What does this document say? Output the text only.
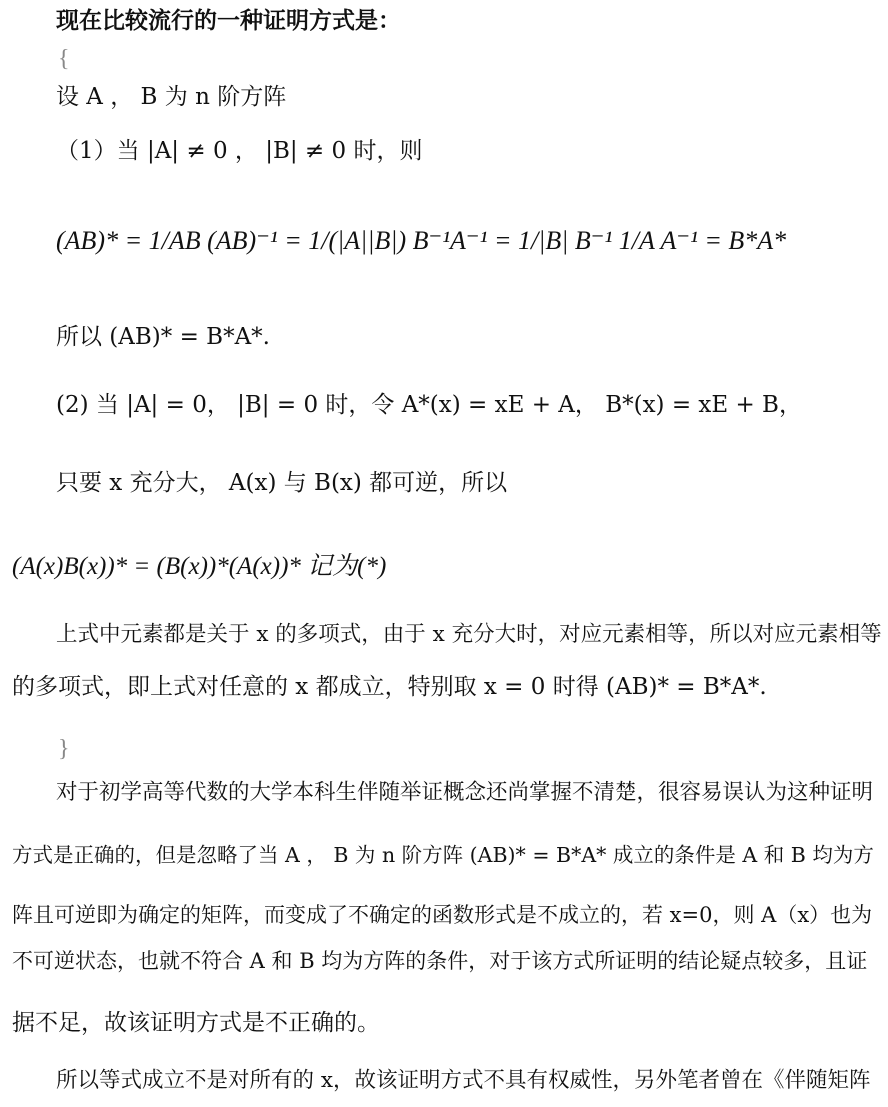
现在比较流行的一种证明方式是：
{
设 A ， B 为 n 阶方阵
（1）当 |A| ≠ 0 ， |B| ≠ 0 时，则
(AB)* = 1/AB (AB)⁻¹ = 1/(|A||B|) B⁻¹A⁻¹ = 1/|B| B⁻¹ 1/A A⁻¹ = B*A*
所以 (AB)* = B*A*.
(2) 当 |A| = 0， |B| = 0 时，令 A*(x) = xE + A， B*(x) = xE + B，
只要 x 充分大， A(x) 与 B(x) 都可逆，所以
(A(x)B(x))* = (B(x))*(A(x))* 记为(*)
上式中元素都是关于 x 的多项式，由于 x 充分大时，对应元素相等，所以对应元素相等
的多项式，即上式对任意的 x 都成立，特别取 x = 0 时得 (AB)* = B*A*.
}
对于初学高等代数的大学本科生伴随举证概念还尚掌握不清楚，很容易误认为这种证明
方式是正确的，但是忽略了当 A ， B 为 n 阶方阵 (AB)* = B*A* 成立的条件是 A 和 B 均为方
阵且可逆即为确定的矩阵，而变成了不确定的函数形式是不成立的，若 x=0，则 A（x）也为
不可逆状态，也就不符合 A 和 B 均为方阵的条件，对于该方式所证明的结论疑点较多，且证
据不足，故该证明方式是不正确的。
所以等式成立不是对所有的 x，故该证明方式不具有权威性，另外笔者曾在《伴随矩阵
